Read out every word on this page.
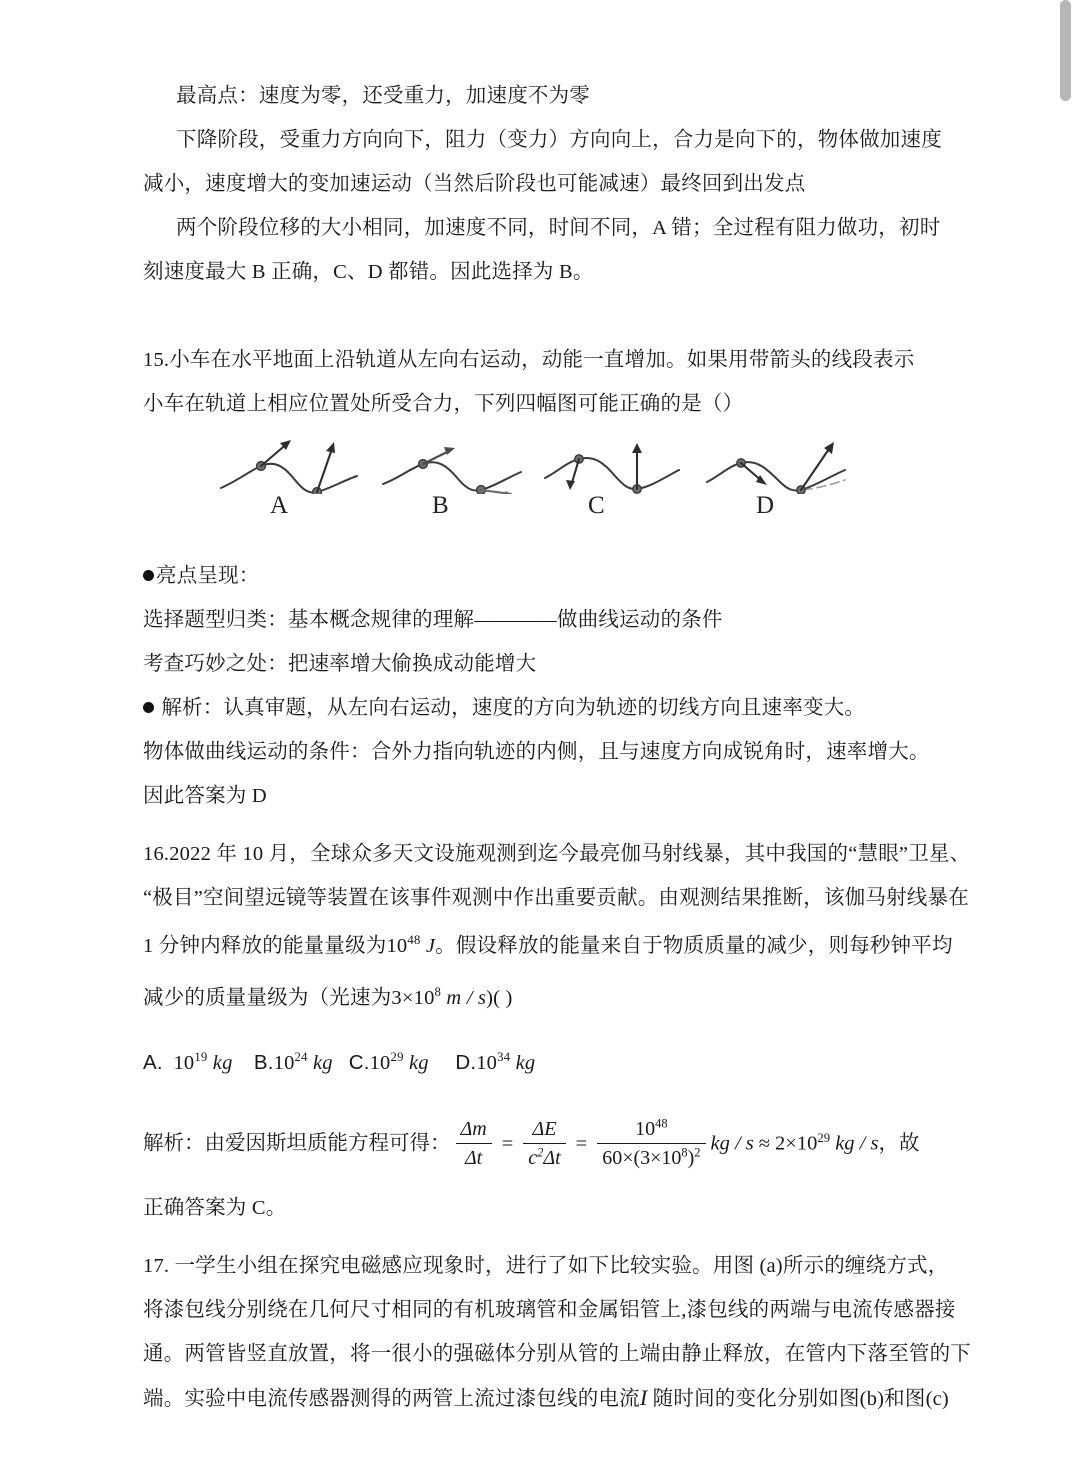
最高点：速度为零，还受重力，加速度不为零
下降阶段，受重力方向向下，阻力（变力）方向向上，合力是向下的，物体做加速度
减小，速度增大的变加速运动（当然后阶段也可能减速）最终回到出发点
两个阶段位移的大小相同，加速度不同，时间不同，A 错；全过程有阻力做功，初时
刻速度最大 B 正确，C、D 都错。因此选择为 B。
15.小车在水平地面上沿轨道从左向右运动，动能一直增加。如果用带箭头的线段表示
小车在轨道上相应位置处所受合力，下列四幅图可能正确的是（）
A	B	C	D
亮点呈现：
选择题型归类：基本概念规律的理解————做曲线运动的条件
考查巧妙之处：把速率增大偷换成动能增大
解析：认真审题，从左向右运动，速度的方向为轨迹的切线方向且速率变大。
物体做曲线运动的条件：合外力指向轨迹的内侧，且与速度方向成锐角时，速率增大。
因此答案为 D
16.2022 年 10 月，全球众多天文设施观测到迄今最亮伽马射线暴，其中我国的“慧眼”卫星、
“极目”空间望远镜等装置在该事件观测中作出重要贡献。由观测结果推断，该伽马射线暴在
1 分钟内释放的能量量级为$10^{48}$ J。假设释放的能量来自于物质质量的减少，则每秒钟平均
减少的质量量级为（光速为$3\times 10^8$ m / s)( )
A. $10^{19}$ kg $B.10^{24}$ kg $C.10^{29}$ kg $D.10^{34}$ kg
解析：由爱因斯坦质能方程可得： $\frac{\Delta m}{\Delta t} = \frac{\Delta E}{c^2\Delta t} = \frac{10^{48}}{60\times(3\times 10^8)^2}$ kg / $s \approx 2\times 10^{29}$ kg / s，故
正确答案为 C。
17. 一学生小组在探究电磁感应现象时，进行了如下比较实验。用图 (a)所示的缠绕方式，
将漆包线分别绕在几何尺寸相同的有机玻璃管和金属铝管上,漆包线的两端与电流传感器接
通。两管皆竖直放置，将一很小的强磁体分别从管的上端由静止释放，在管内下落至管的下
端。实验中电流传感器测得的两管上流过漆包线的电流I 随时间的变化分别如图(b)和图(c)
